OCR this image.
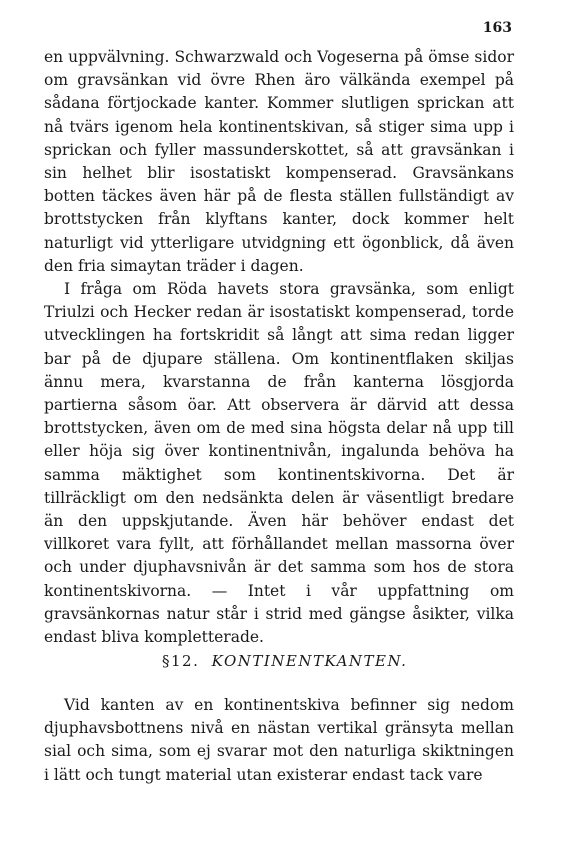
163

en uppvälvning. Schwarzwald och Vogeserna på ömse sidor om gravsänkan vid övre Rhen äro välkända exempel på sådana förtjockade kanter. Kommer slutligen sprickan att nå tvärs igenom hela kontinentskivan, så stiger sima upp i sprickan och fyller massunderskottet, så att gravsänkan i sin helhet blir isostatiskt kompenserad. Gravsänkans botten täckes även här på de flesta ställen fullständigt av brottstycken från klyftans kanter, dock kommer helt naturligt vid ytterligare utvidgning ett ögonblick, då även den fria simaytan träder i dagen.

I fråga om Röda havets stora gravsänka, som enligt Triulzi och Hecker redan är isostatiskt kompenserad, torde utvecklingen ha fortskridit så långt att sima redan ligger bar på de djupare ställena. Om kontinentflaken skiljas ännu mera, kvarstanna de från kanterna lösgjorda partierna såsom öar. Att observera är därvid att dessa brottstycken, även om de med sina högsta delar nå upp till eller höja sig över kontinentnivån, ingalunda behöva ha samma mäktighet som kontinentskivorna. Det är tillräckligt om den nedsänkta delen är väsentligt bredare än den uppskjutande. Även här behöver endast det villkoret vara fyllt, att förhållandet mellan massorna över och under djuphavsnivån är det samma som hos de stora kontinentskivorna. — Intet i vår uppfattning om gravsänkornas natur står i strid med gängse åsikter, vilka endast bliva kompletterade.

§12. KONTINENTKANTEN.

Vid kanten av en kontinentskiva befinner sig nedom djuphavsbottnens nivå en nästan vertikal gränsyta mellan sial och sima, som ej svarar mot den naturliga skiktningen i lätt och tungt material utan existerar endast tack vare
